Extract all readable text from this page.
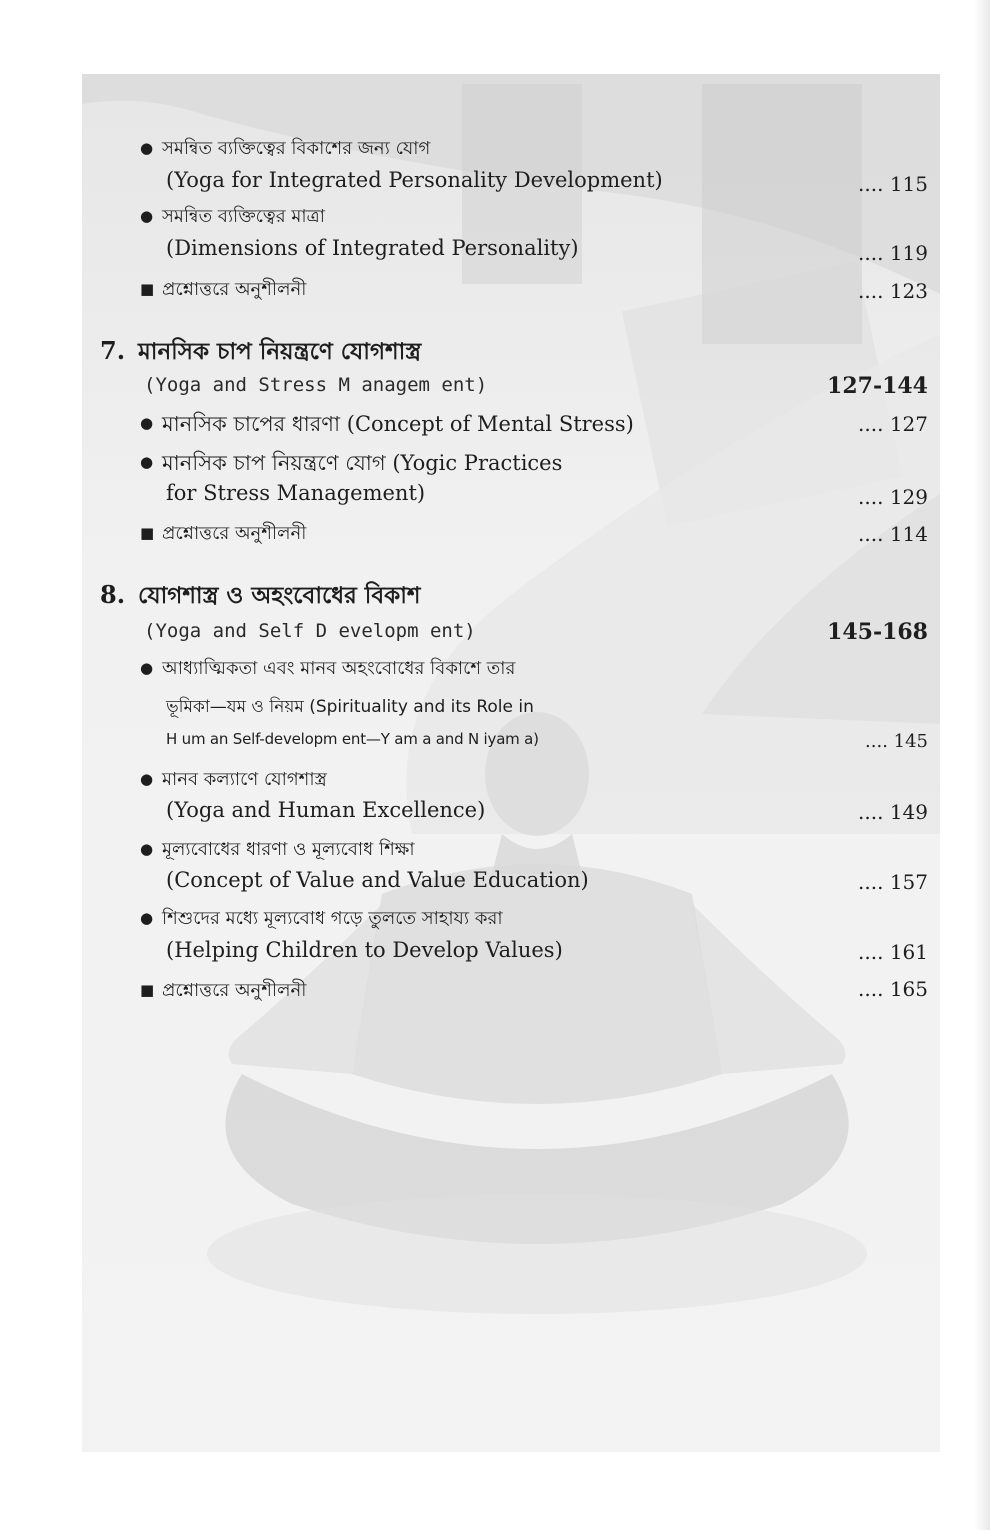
● সমন্বিত ব্যক্তিত্বের বিকাশের জন্য যোগ
(Yoga for Integrated Personality Development)	.... 115
● সমন্বিত ব্যক্তিত্বের মাত্রা
(Dimensions of Integrated Personality)	.... 119
■ প্রশ্নোত্তরে অনুশীলনী	.... 123
7. মানসিক চাপ নিয়ন্ত্রণে যোগশাস্ত্র
(Yoga and Stress M anagem ent)	127-144
● মানসিক চাপের ধারণা (Concept of Mental Stress)	.... 127
● মানসিক চাপ নিয়ন্ত্রণে যোগ (Yogic Practices
for Stress Management)	.... 129
■ প্রশ্নোত্তরে অনুশীলনী	.... 114
8. যোগশাস্ত্র ও অহংবোধের বিকাশ
(Yoga and Self D evelopm ent)	145-168
● আধ্যাত্মিকতা এবং মানব অহংবোধের বিকাশে তার
ভূমিকা—যম ও নিয়ম (Spirituality and its Role in
H um an Self-developm ent—Y am a and N iyam a)	.... 145
● মানব কল্যাণে যোগশাস্ত্র
(Yoga and Human Excellence)	.... 149
● মূল্যবোধের ধারণা ও মূল্যবোধ শিক্ষা
(Concept of Value and Value Education)	.... 157
● শিশুদের মধ্যে মূল্যবোধ গড়ে তুলতে সাহায্য করা
(Helping Children to Develop Values)	.... 161
■ প্রশ্নোত্তরে অনুশীলনী	.... 165
